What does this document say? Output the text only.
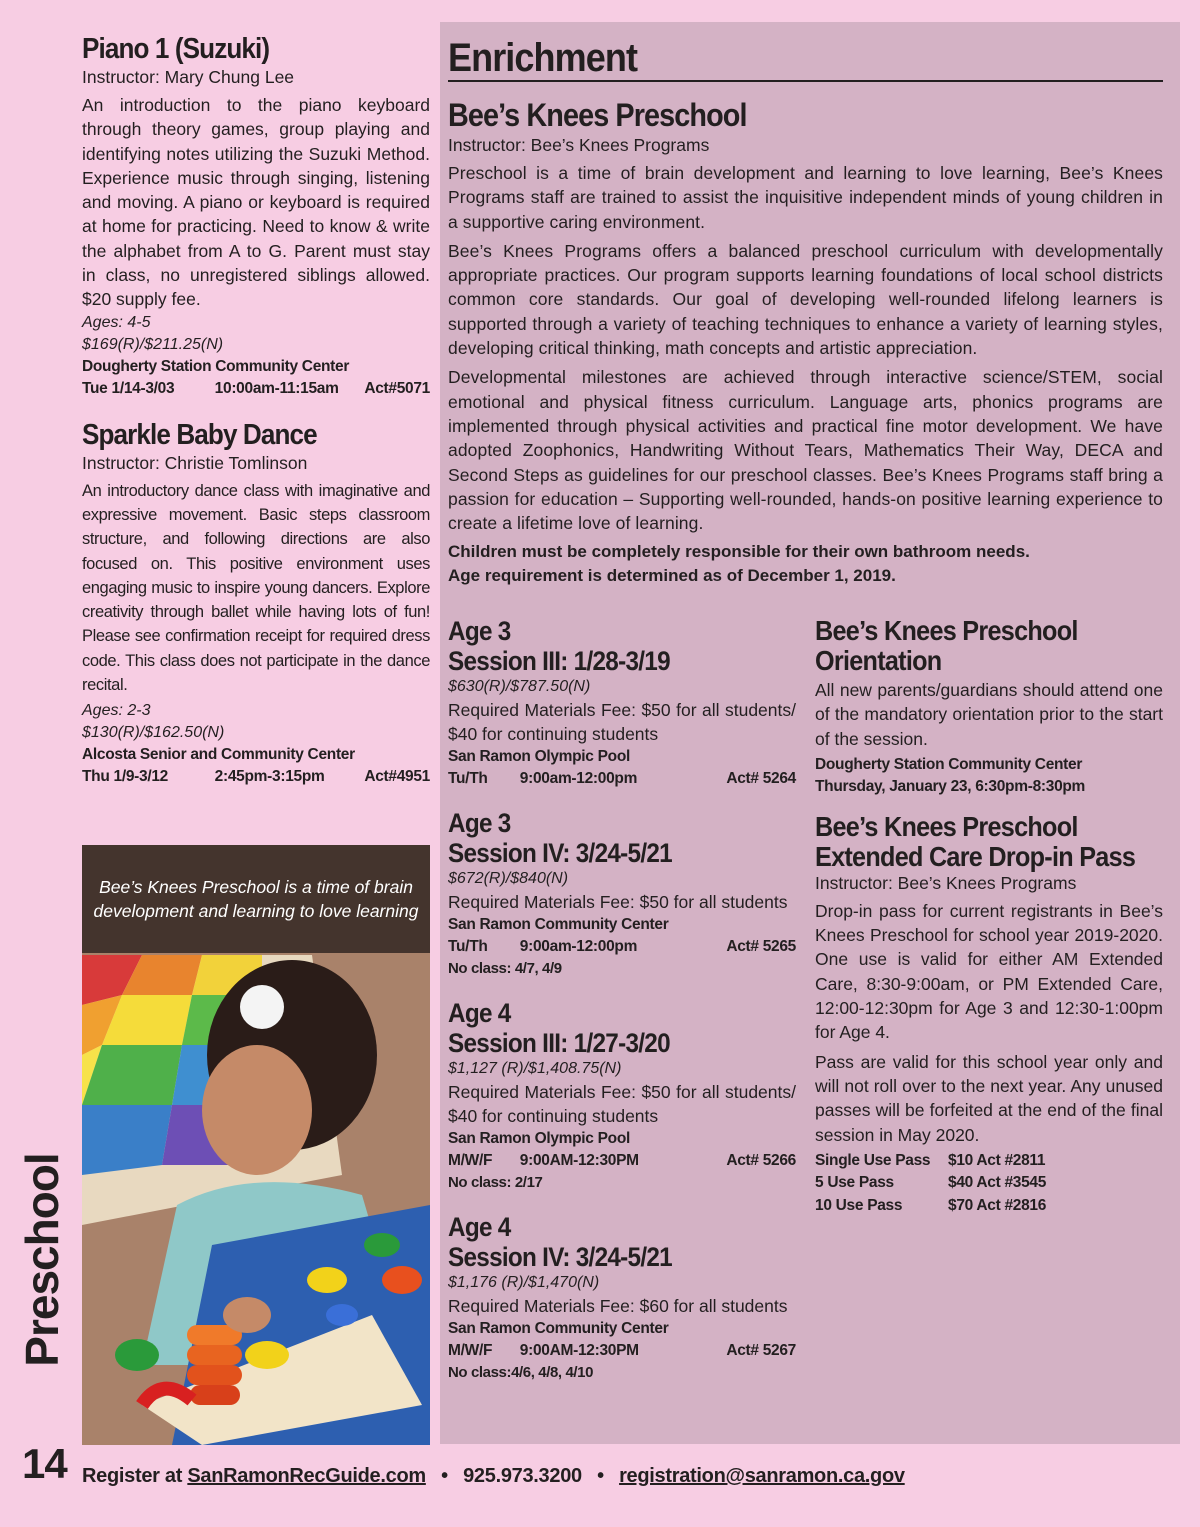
Piano 1 (Suzuki)
Instructor: Mary Chung Lee
An introduction to the piano keyboard through theory games, group playing and identifying notes utilizing the Suzuki Method. Experience music through singing, listening and moving. A piano or keyboard is required at home for practicing. Need to know & write the alphabet from A to G. Parent must stay in class, no unregistered siblings allowed. $20 supply fee.
Ages: 4-5
$169(R)/$211.25(N)
Dougherty Station Community Center
Tue 1/14-3/03	10:00am-11:15am	Act#5071
Sparkle Baby Dance
Instructor: Christie Tomlinson
An introductory dance class with imaginative and expressive movement. Basic steps classroom structure, and following directions are also focused on. This positive environment uses engaging music to inspire young dancers. Explore creativity through ballet while having lots of fun! Please see confirmation receipt for required dress code. This class does not participate in the dance recital.
Ages: 2-3
$130(R)/$162.50(N)
Alcosta Senior and Community Center
Thu 1/9-3/12	2:45pm-3:15pm	Act#4951
Bee’s Knees Preschool is a time of brain development and learning to love learning
Preschool
Enrichment
Bee’s Knees Preschool
Instructor: Bee’s Knees Programs
Preschool is a time of brain development and learning to love learning, Bee’s Knees Programs staff are trained to assist the inquisitive independent minds of young children in a supportive caring environment.
Bee’s Knees Programs offers a balanced preschool curriculum with developmentally appropriate practices. Our program supports learning foundations of local school districts common core standards. Our goal of developing well-rounded lifelong learners is supported through a variety of teaching techniques to enhance a variety of learning styles, developing critical thinking, math concepts and artistic appreciation.
Developmental milestones are achieved through interactive science/STEM, social emotional and physical fitness curriculum. Language arts, phonics programs are implemented through physical activities and practical fine motor development. We have adopted Zoophonics, Handwriting Without Tears, Mathematics Their Way, DECA and Second Steps as guidelines for our preschool classes. Bee’s Knees Programs staff bring a passion for education – Supporting well-rounded, hands-on positive learning experience to create a lifetime love of learning.
Children must be completely responsible for their own bathroom needs.
Age requirement is determined as of December 1, 2019.
Age 3
Session III: 1/28-3/19
$630(R)/$787.50(N)
Required Materials Fee: $50 for all students/ $40 for continuing students
San Ramon Olympic Pool
Tu/Th	9:00am-12:00pm	Act# 5264
Age 3
Session IV: 3/24-5/21
$672(R)/$840(N)
Required Materials Fee: $50 for all students
San Ramon Community Center
Tu/Th	9:00am-12:00pm	Act# 5265
No class: 4/7, 4/9
Age 4
Session III: 1/27-3/20
$1,127 (R)/$1,408.75(N)
Required Materials Fee: $50 for all students/ $40 for continuing students
San Ramon Olympic Pool
M/W/F	9:00AM-12:30PM	Act# 5266
No class: 2/17
Age 4
Session IV: 3/24-5/21
$1,176 (R)/$1,470(N)
Required Materials Fee: $60 for all students
San Ramon Community Center
M/W/F	9:00AM-12:30PM	Act# 5267
No class:4/6, 4/8, 4/10
Bee’s Knees Preschool
Orientation
All new parents/guardians should attend one of the mandatory orientation prior to the start of the session.
Dougherty Station Community Center
Thursday, January 23, 6:30pm-8:30pm
Bee’s Knees Preschool
Extended Care Drop-in Pass
Instructor: Bee’s Knees Programs
Drop-in pass for current registrants in Bee’s Knees Preschool for school year 2019-2020. One use is valid for either AM Extended Care, 8:30-9:00am, or PM Extended Care, 12:00-12:30pm for Age 3 and 12:30-1:00pm for Age 4.
Pass are valid for this school year only and will not roll over to the next year. Any unused passes will be forfeited at the end of the final session in May 2020.
Single Use Pass	$10 Act #2811
5 Use Pass	$40 Act #3545
10 Use Pass	$70 Act #2816
14 Register at SanRamonRecGuide.com • 925.973.3200 • registration@sanramon.ca.gov
